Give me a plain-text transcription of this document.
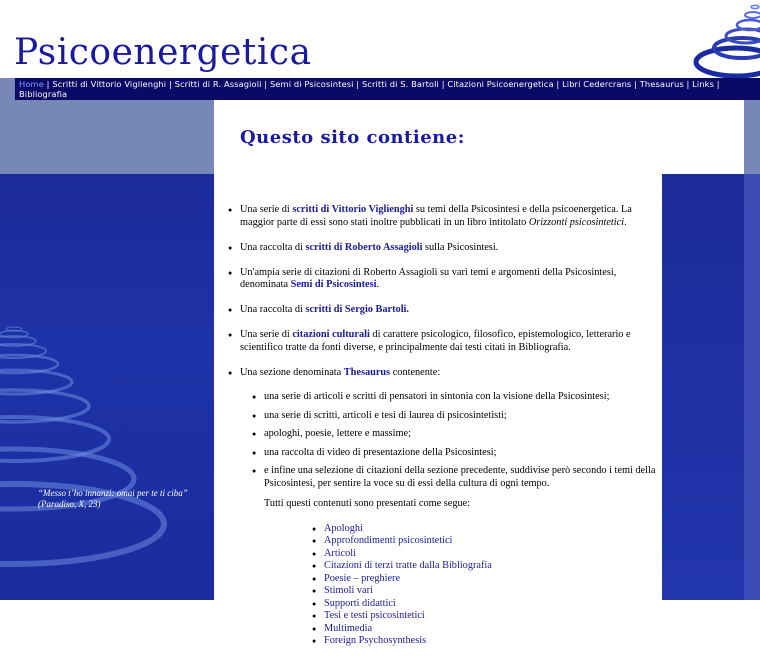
Psicoenergetica
Home | Scritti di Vittorio Viglienghi | Scritti di R. Assagioli | Semi di Psicosintesi | Scritti di S. Bartoli | Citazioni Psicoenergetica | Libri Cedercrans | Thesaurus | Links | Bibliografia
“Messo t’ho innanzi: omai per te ti ciba” (Paradiso, X, 23)
Questo sito contiene:
● Una serie di scritti di Vittorio Viglienghi su temi della Psicosintesi e della psicoenergetica. La maggior parte di essi sono stati inoltre pubblicati in un libro intitolato Orizzonti psicosintetici.
● Una raccolta di scritti di Roberto Assagioli sulla Psicosintesi.
● Un'ampia serie di citazioni di Roberto Assagioli su vari temi e argomenti della Psicosintesi, denominata Semi di Psicosintesi.
● Una raccolta di scritti di Sergio Bartoli.
● Una serie di citazioni culturali di carattere psicologico, filosofico, epistemologico, letterario e scientifico tratte da fonti diverse, e principalmente dai testi citati in Bibliografia.
● Una sezione denominata Thesaurus contenente:
● una serie di articoli e scritti di pensatori in sintonia con la visione della Psicosintesi;
● una serie di scritti, articoli e tesi di laurea di psicosintetisti;
● apologhi, poesie, lettere e massime;
● una raccolta di video di presentazione della Psicosintesi;
● e infine una selezione di citazioni della sezione precedente, suddivise però secondo i temi della Psicosintesi, per sentire la voce su di essi della cultura di ogni tempo.
Tutti questi contenuti sono presentati come segue:
● Apologhi
● Approfondimenti psicosintetici
● Articoli
● Citazioni di terzi tratte dalla Bibliografia
● Poesie – preghiere
● Stimoli vari
● Supporti didattici
● Tesi e testi psicosintetici
● Multimedia
● Foreign Psychosynthesis
